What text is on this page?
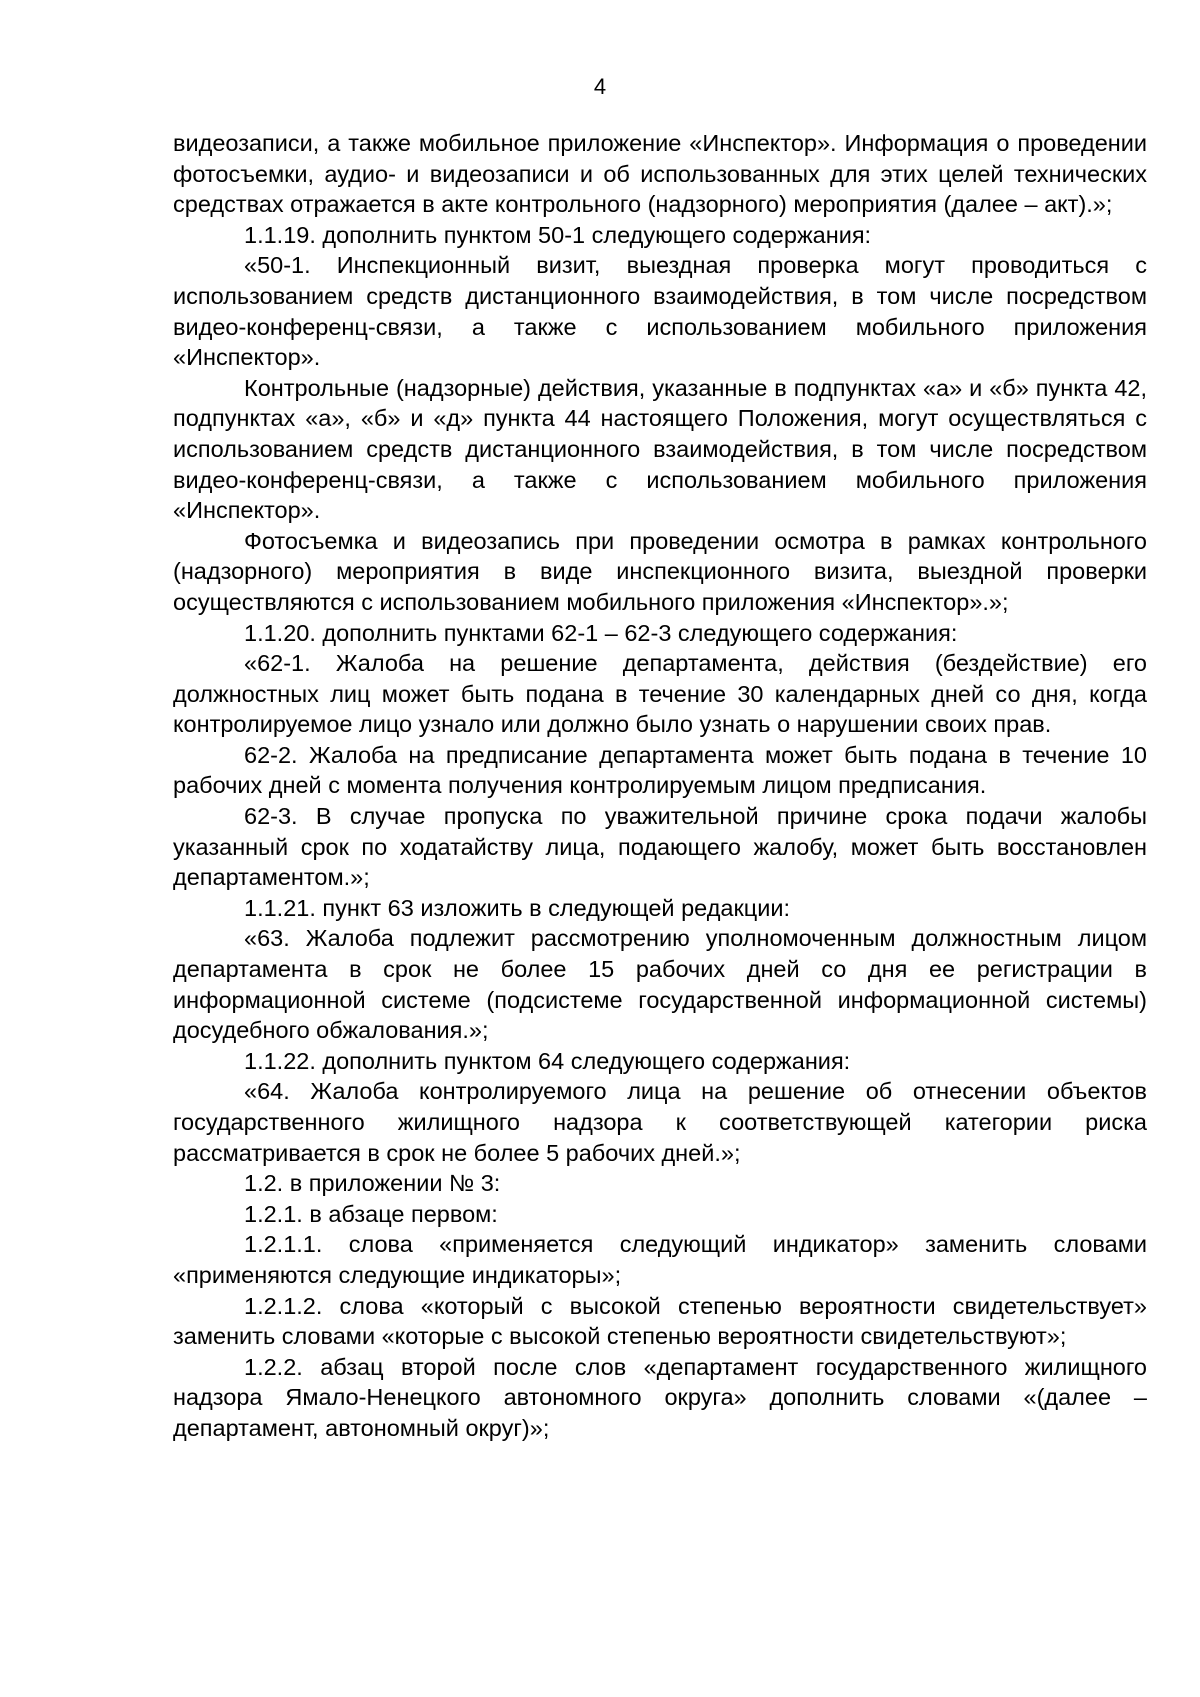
4

видеозаписи, а также мобильное приложение «Инспектор». Информация о проведении фотосъемки, аудио- и видеозаписи и об использованных для этих целей технических средствах отражается в акте контрольного (надзорного) мероприятия (далее – акт).»;

1.1.19. дополнить пунктом 50-1 следующего содержания:

«50-1. Инспекционный визит, выездная проверка могут проводиться с использованием средств дистанционного взаимодействия, в том числе посредством видео-конференц-связи, а также с использованием мобильного приложения «Инспектор».

Контрольные (надзорные) действия, указанные в подпунктах «а» и «б» пункта 42, подпунктах «а», «б» и «д» пункта 44 настоящего Положения, могут осуществляться с использованием средств дистанционного взаимодействия, в том числе посредством видео-конференц-связи, а также с использованием мобильного приложения «Инспектор».

Фотосъемка и видеозапись при проведении осмотра в рамках контрольного (надзорного) мероприятия в виде инспекционного визита, выездной проверки осуществляются с использованием мобильного приложения «Инспектор».»;

1.1.20. дополнить пунктами 62-1 – 62-3 следующего содержания:

«62-1. Жалоба на решение департамента, действия (бездействие) его должностных лиц может быть подана в течение 30 календарных дней со дня, когда контролируемое лицо узнало или должно было узнать о нарушении своих прав.

62-2. Жалоба на предписание департамента может быть подана в течение 10 рабочих дней с момента получения контролируемым лицом предписания.

62-3. В случае пропуска по уважительной причине срока подачи жалобы указанный срок по ходатайству лица, подающего жалобу, может быть восстановлен департаментом.»;

1.1.21. пункт 63 изложить в следующей редакции:

«63. Жалоба подлежит рассмотрению уполномоченным должностным лицом департамента в срок не более 15 рабочих дней со дня ее регистрации в информационной системе (подсистеме государственной информационной системы) досудебного обжалования.»;

1.1.22. дополнить пунктом 64 следующего содержания:

«64. Жалоба контролируемого лица на решение об отнесении объектов государственного жилищного надзора к соответствующей категории риска рассматривается в срок не более 5 рабочих дней.»;

1.2. в приложении № 3:

1.2.1. в абзаце первом:

1.2.1.1. слова «применяется следующий индикатор» заменить словами «применяются следующие индикаторы»;

1.2.1.2. слова «который с высокой степенью вероятности свидетельствует» заменить словами «которые с высокой степенью вероятности свидетельствуют»;

1.2.2. абзац второй после слов «департамент государственного жилищного надзора Ямало-Ненецкого автономного округа» дополнить словами «(далее – департамент, автономный округ)»;
